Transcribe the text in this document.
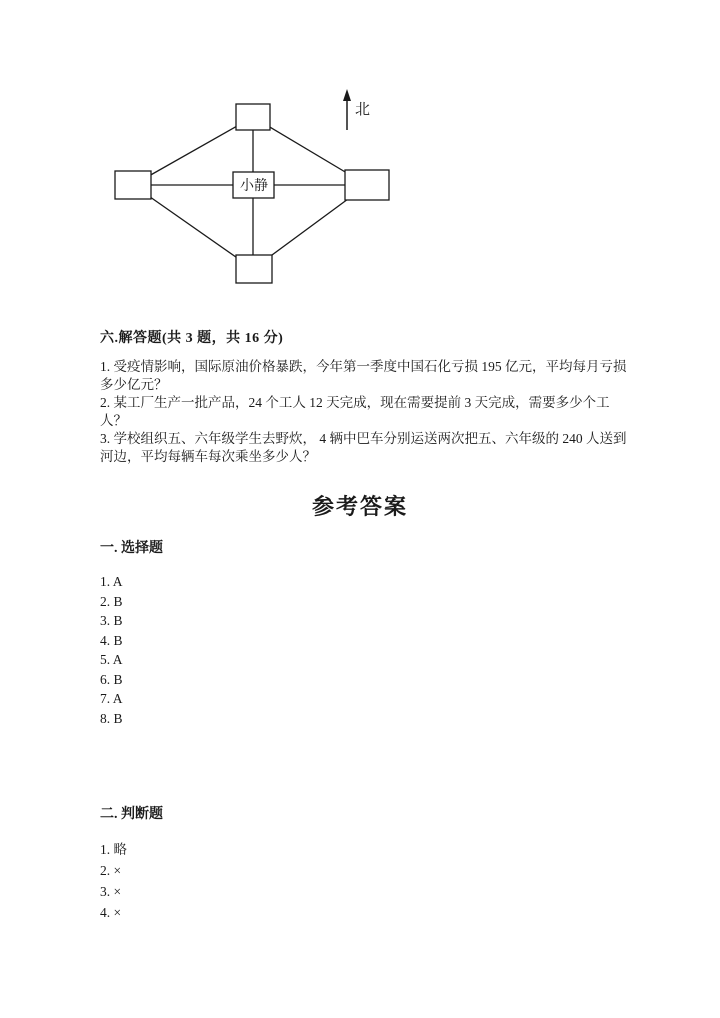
小静
北
六.解答题(共 3 题，共 16 分)

1. 受疫情影响，国际原油价格暴跌，今年第一季度中国石化亏损 195 亿元，平均每月亏损多少亿元？

2. 某工厂生产一批产品，24 个工人 12 天完成，现在需要提前 3 天完成，需要多少个工人？

3. 学校组织五、六年级学生去野炊， 4 辆中巴车分别运送两次把五、六年级的 240 人送到河边，平均每辆车每次乘坐多少人？

参考答案
一. 选择题
1. A
2. B
3. B
4. B
5. A
6. B
7. A
8. B
二. 判断题
1. 略
2. ×
3. ×
4. ×
